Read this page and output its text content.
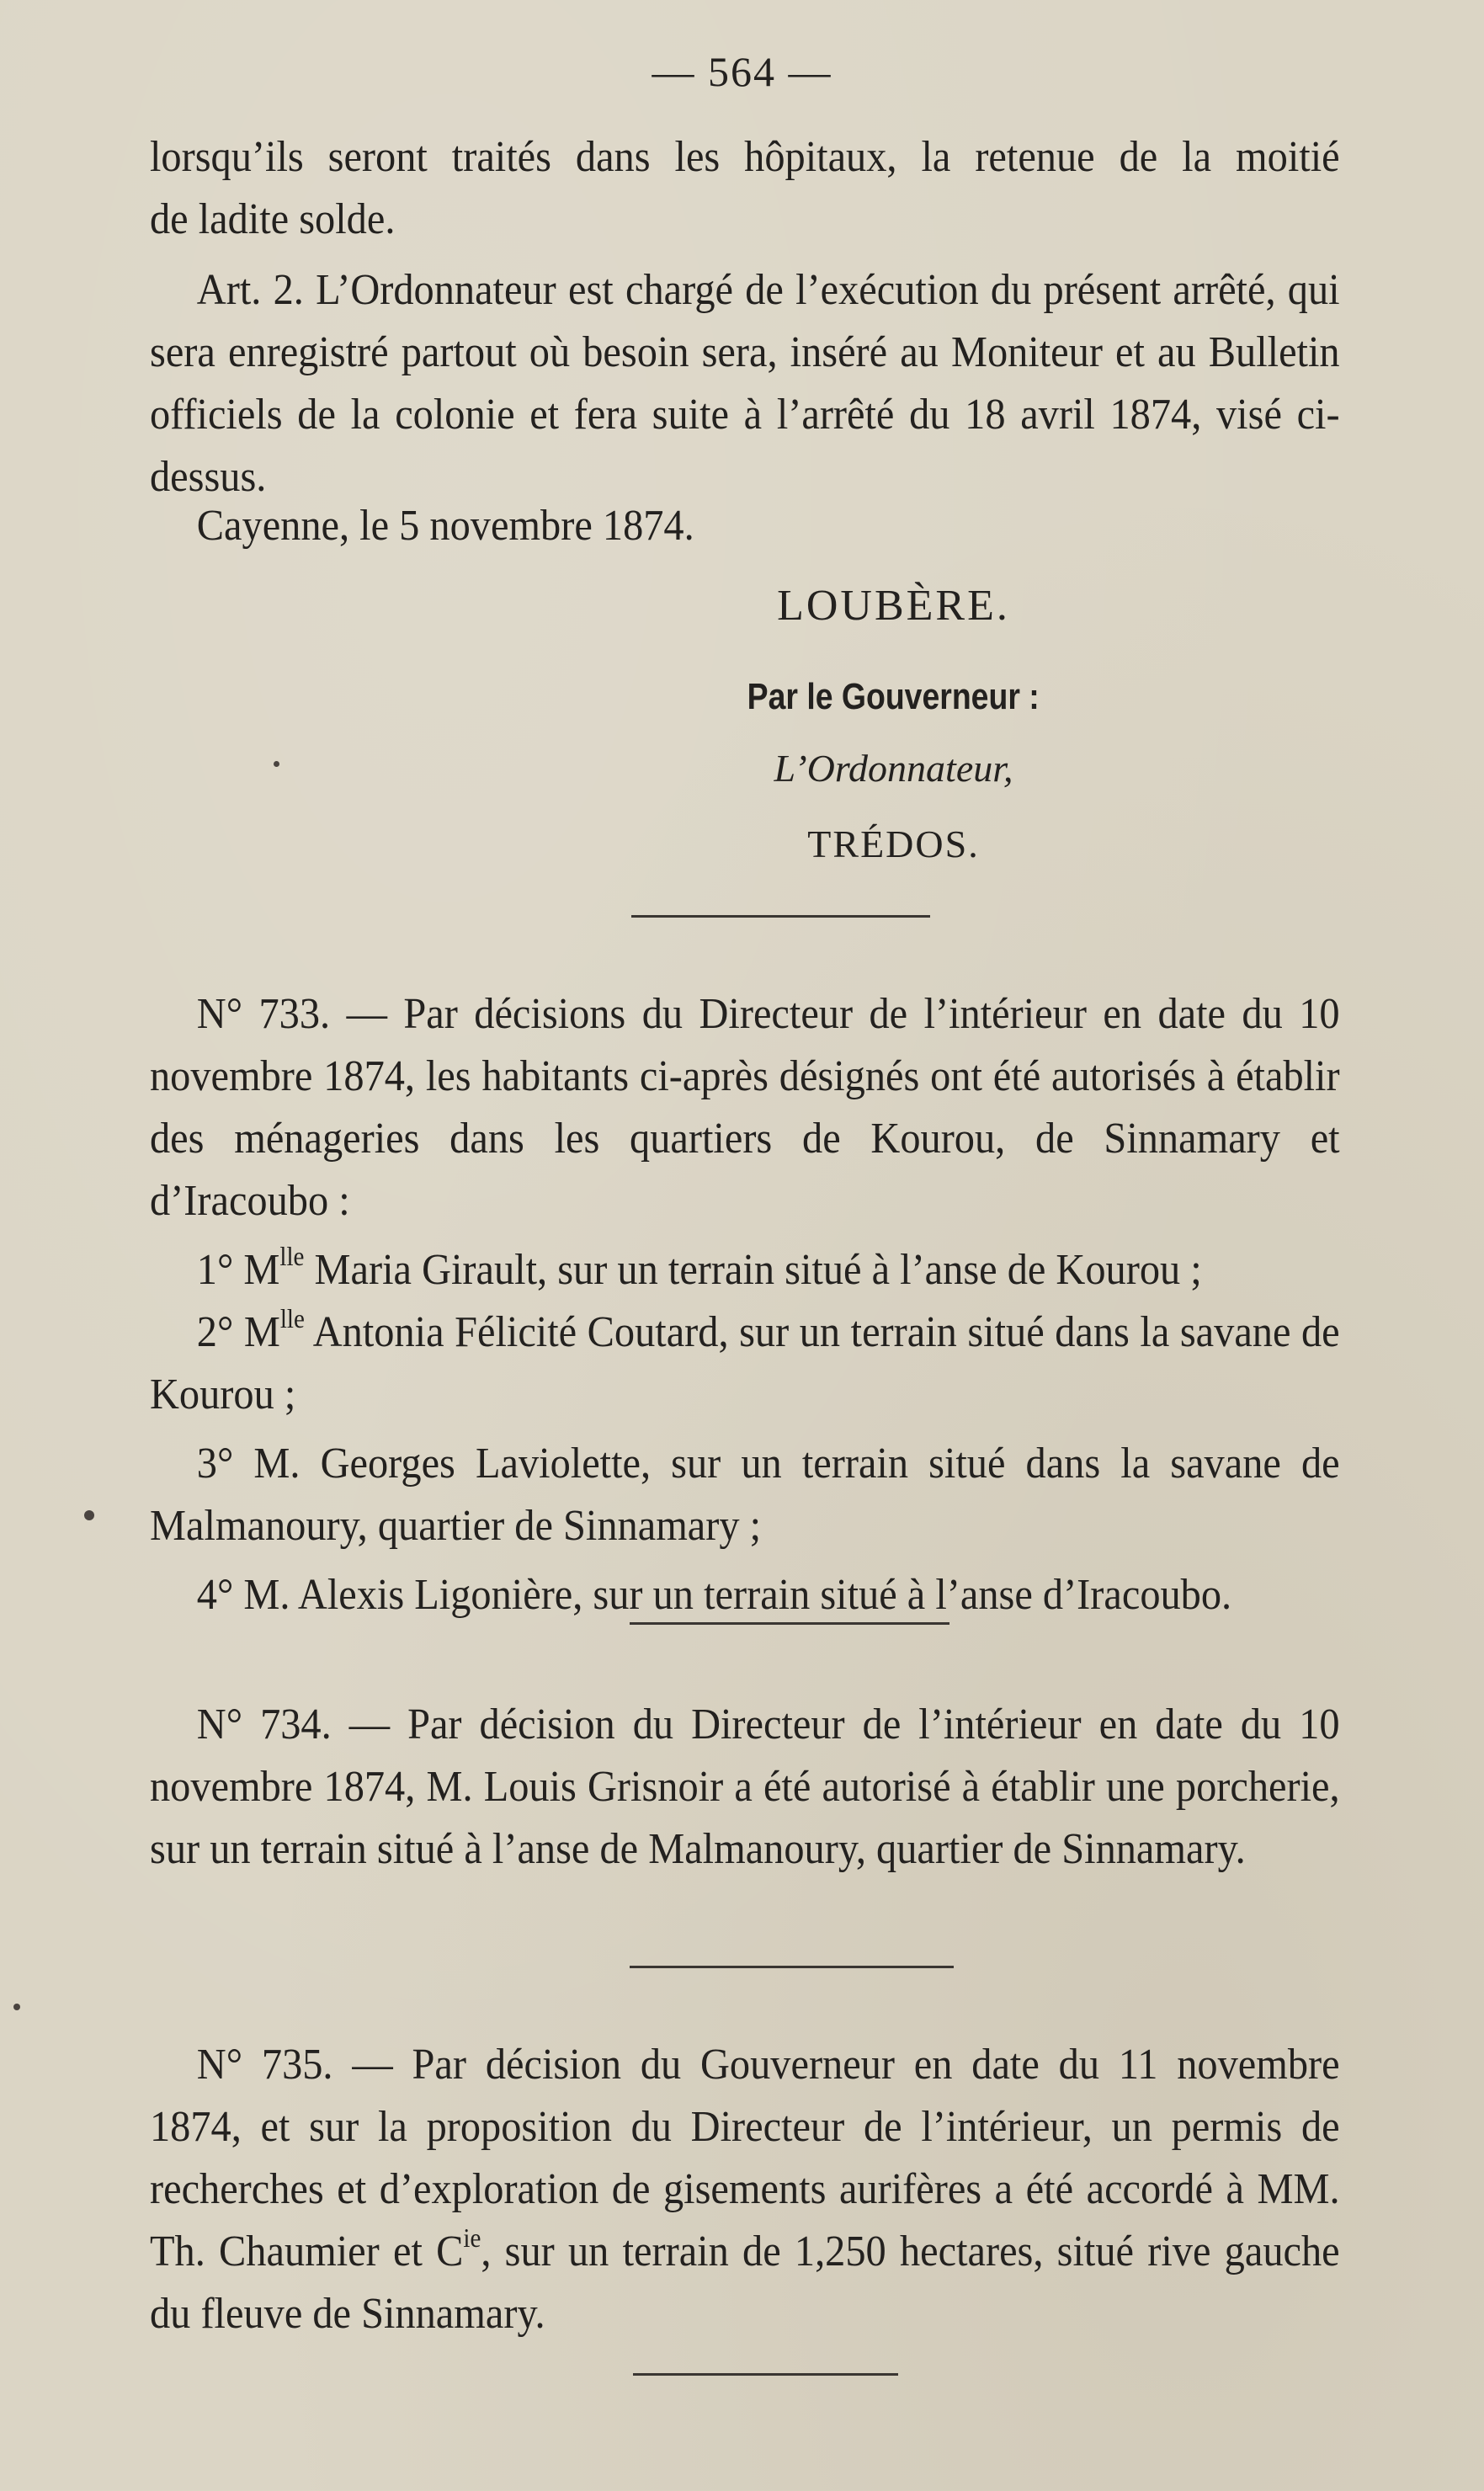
— 564 —

lorsqu’ils seront traités dans les hôpitaux, la retenue de la moitié

de ladite solde.

Art. 2. L’Ordonnateur est chargé de l’exécution du présent arrêté, qui sera enregistré partout où besoin sera, inséré au Moniteur et au Bulletin officiels de la colonie et fera suite à l’arrêté du 18 avril 1874, visé ci-dessus.

Cayenne, le 5 novembre 1874.

LOUBÈRE.
Par le Gouverneur :
L’Ordonnateur,
TRÉDOS.

N° 733. — Par décisions du Directeur de l’intérieur en date du 10 novembre 1874, les habitants ci-après désignés ont été autorisés à établir des ménageries dans les quartiers de Kourou, de Sinnamary et d’Iracoubo :

1° $M^{lle}$ Maria Girault, sur un terrain situé à l’anse de Kourou ;

2° $M^{lle}$ Antonia Félicité Coutard, sur un terrain situé dans la savane de Kourou ;

3° M. Georges Laviolette, sur un terrain situé dans la savane de Malmanoury, quartier de Sinnamary ;

4° M. Alexis Ligonière, sur un terrain situé à l’anse d’Iracoubo.

N° 734. — Par décision du Directeur de l’intérieur en date du 10 novembre 1874, M. Louis Grisnoir a été autorisé à établir une porcherie, sur un terrain situé à l’anse de Malmanoury, quartier de Sinnamary.

N° 735. — Par décision du Gouverneur en date du 11 novembre 1874, et sur la proposition du Directeur de l’intérieur, un permis de recherches et d’exploration de gisements aurifères a été accordé à MM. Th. Chaumier et $C^{ie}$, sur un terrain de 1,250 hectares, situé rive gauche du fleuve de Sinnamary.
